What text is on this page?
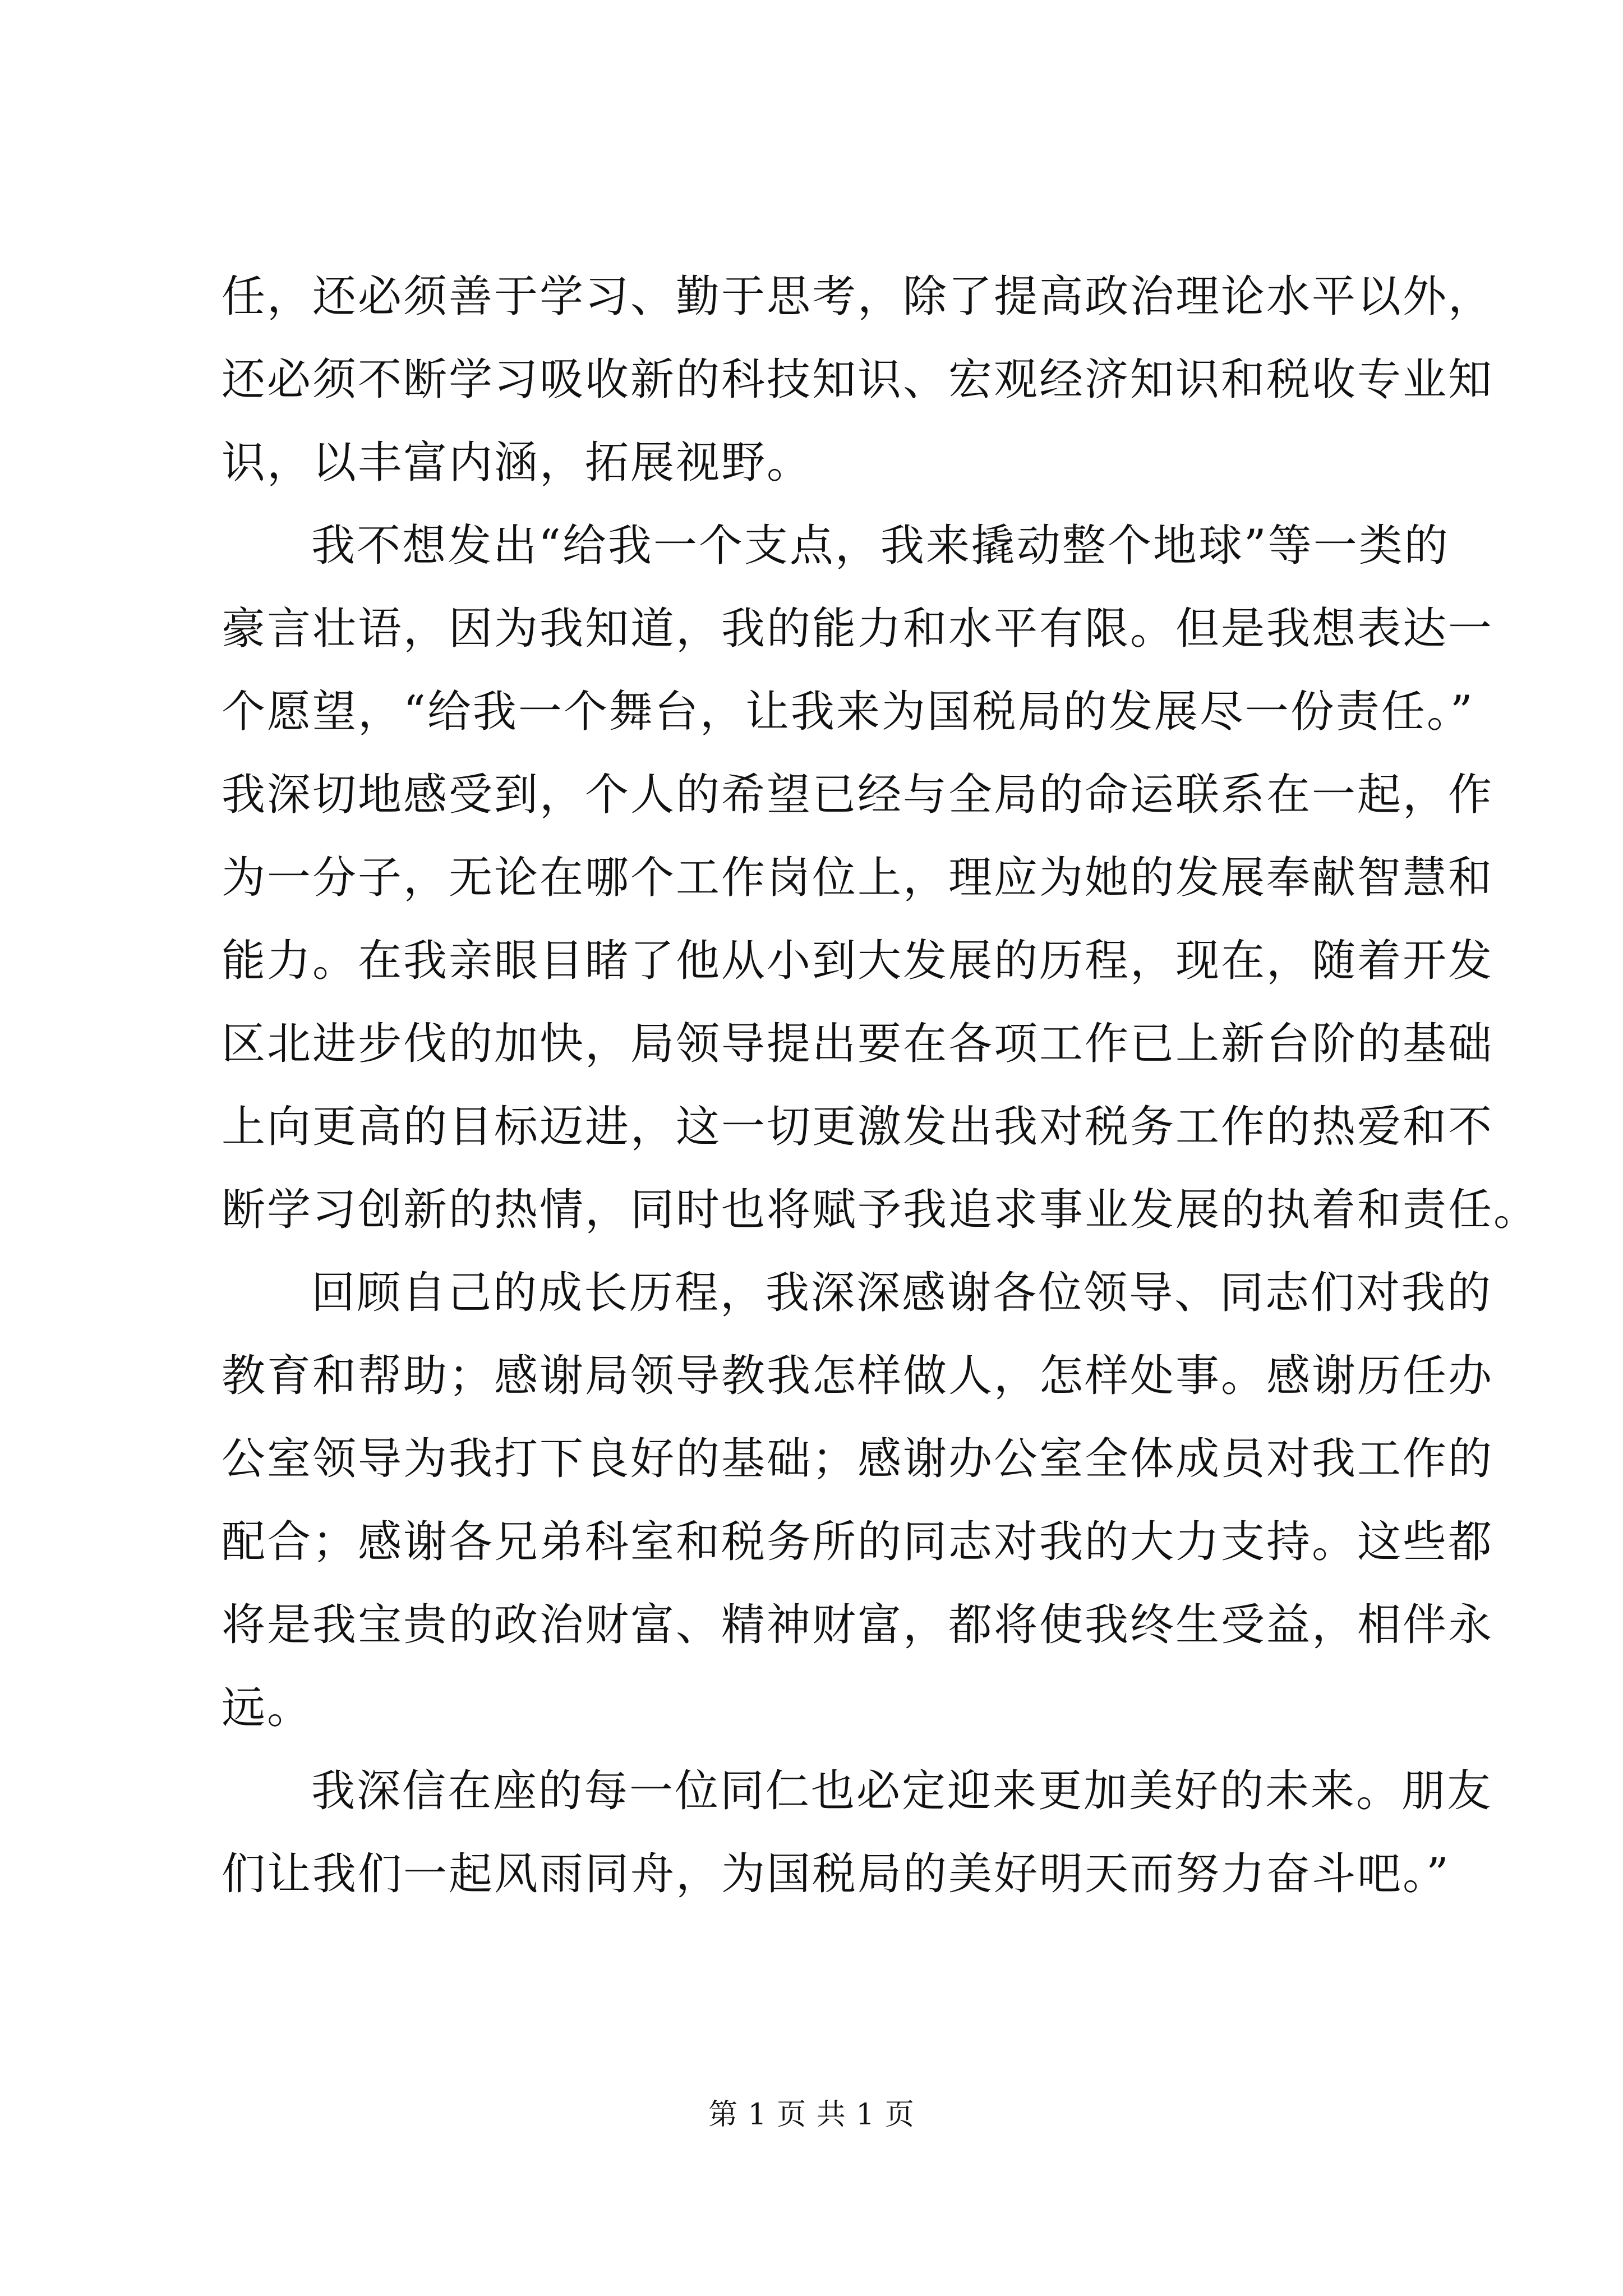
任，还必须善于学习、勤于思考，除了提高政治理论水平以外，
还必须不断学习吸收新的科技知识、宏观经济知识和税收专业知
识，以丰富内涵，拓展视野。
我不想发出“给我一个支点，我来撬动整个地球”等一类的
豪言壮语，因为我知道，我的能力和水平有限。但是我想表达一
个愿望，“给我一个舞台，让我来为国税局的发展尽一份责任。”
我深切地感受到，个人的希望已经与全局的命运联系在一起，作
为一分子，无论在哪个工作岗位上，理应为她的发展奉献智慧和
能力。在我亲眼目睹了他从小到大发展的历程，现在，随着开发
区北进步伐的加快，局领导提出要在各项工作已上新台阶的基础
上向更高的目标迈进，这一切更激发出我对税务工作的热爱和不
断学习创新的热情，同时也将赋予我追求事业发展的执着和责任。
回顾自己的成长历程，我深深感谢各位领导、同志们对我的
教育和帮助；感谢局领导教我怎样做人，怎样处事。感谢历任办
公室领导为我打下良好的基础；感谢办公室全体成员对我工作的
配合；感谢各兄弟科室和税务所的同志对我的大力支持。这些都
将是我宝贵的政治财富、精神财富，都将使我终生受益，相伴永
远。
我深信在座的每一位同仁也必定迎来更加美好的未来。朋友
们让我们一起风雨同舟，为国税局的美好明天而努力奋斗吧。”
第 1 页 共 1 页
